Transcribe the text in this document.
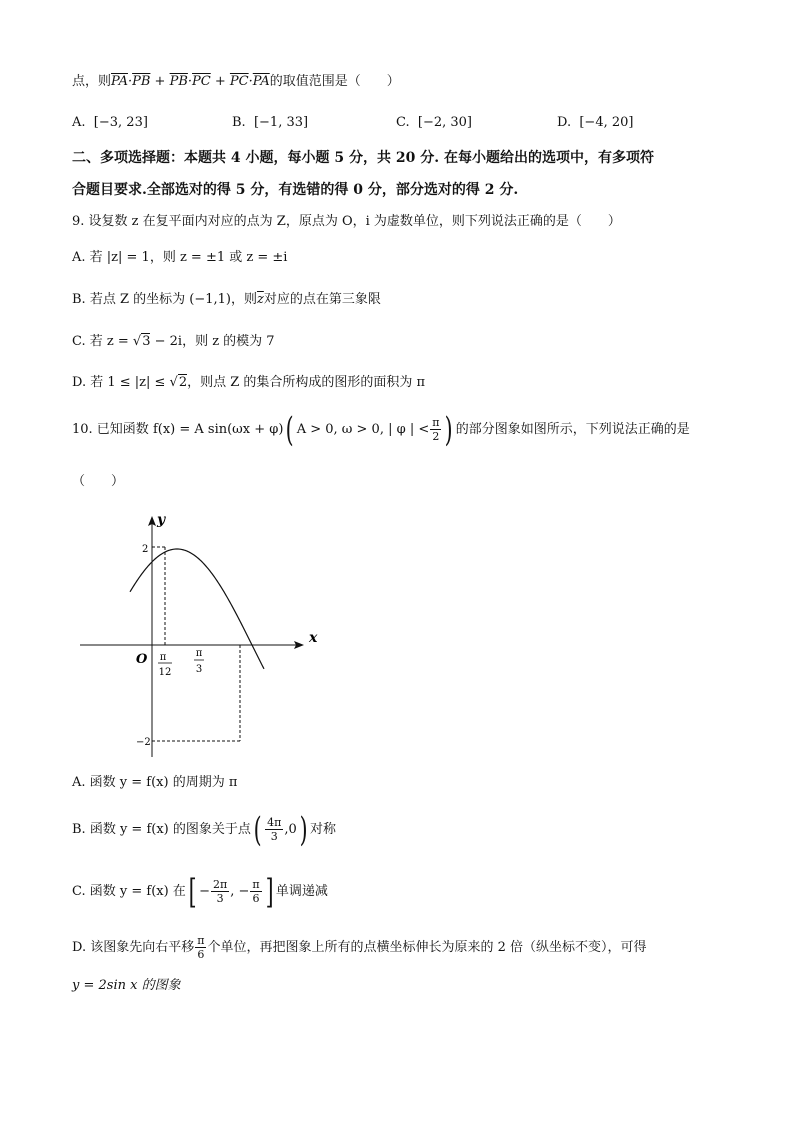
点，则$\overline{PA}\cdot\overline{PB} + \overline{PB}\cdot\overline{PC} + \overline{PC}\cdot\overline{PA}$的取值范围是（　　）
A. [−3, 23]	B. [−1, 33]	C. [−2, 30]	D. [−4, 20]
二、多项选择题：本题共 4 小题，每小题 5 分，共 20 分. 在每小题给出的选项中，有多项符
合题目要求.全部选对的得 5 分，有选错的得 0 分，部分选对的得 2 分.
9. 设复数 z 在复平面内对应的点为 Z，原点为 O，i 为虚数单位，则下列说法正确的是（　　）
A. 若 |z| = 1，则 z = ±1 或 z = ±i
B. 若点 Z 的坐标为 (−1,1)，则$\overline{z}$对应的点在第三象限
C. 若 z = √3 − 2i，则 z 的模为 7
D. 若 1 ≤ |z| ≤ √2，则点 Z 的集合所构成的图形的面积为 π
10. 已知函数 f(x) = A sin(ωx + φ)( A > 0, ω > 0, | φ | < $\frac{\pi}{2}$ ) 的部分图象如图所示，下列说法正确的是
（　　）
y
x
O
2
−2
π
12
π
3
A. 函数 y = f(x) 的周期为 π
B. 函数 y = f(x) 的图象关于点( $\frac{4\pi}{3} ,0$) 对称
C. 函数 y = f(x) 在[ − $\frac{2\pi}{3}$ , − $\frac{\pi}{6}$ ] 单调递减
D. 该图象先向右平移 $\frac{\pi}{6}$ 个单位，再把图象上所有的点横坐标伸长为原来的 2 倍（纵坐标不变），可得
y = 2sin x 的图象
